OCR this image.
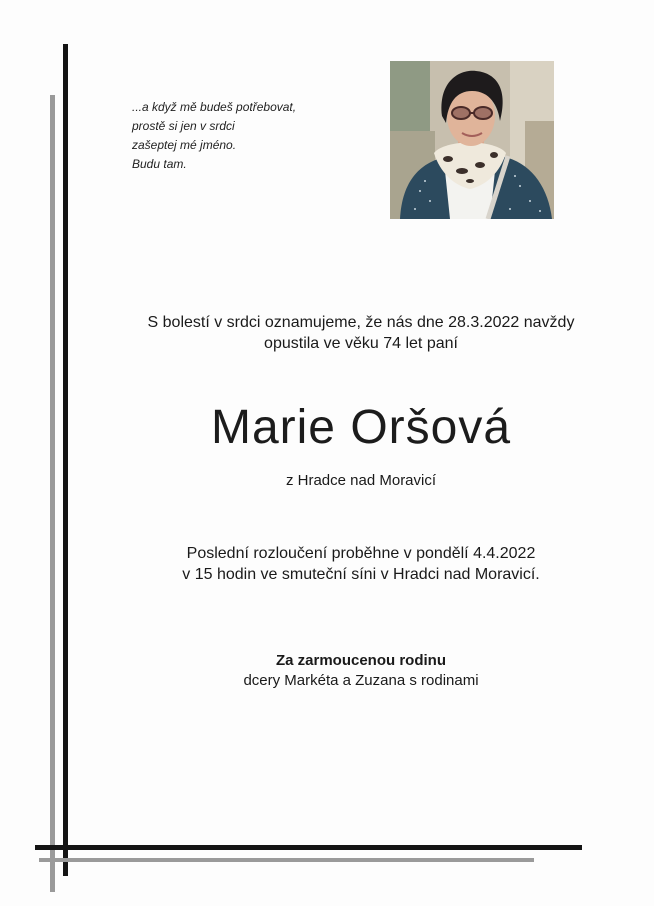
...a když mě budeš potřebovat,
prostě si jen v srdci
zašeptej mé jméno.
Budu tam.
S bolestí v srdci oznamujeme, že nás dne 28.3.2022 navždy
opustila ve věku 74 let paní
Marie Oršová
z Hradce nad Moravicí
Poslední rozloučení proběhne v pondělí 4.4.2022
v 15 hodin ve smuteční síni v Hradci nad Moravicí.
Za zarmoucenou rodinu
dcery Markéta a Zuzana s rodinami
